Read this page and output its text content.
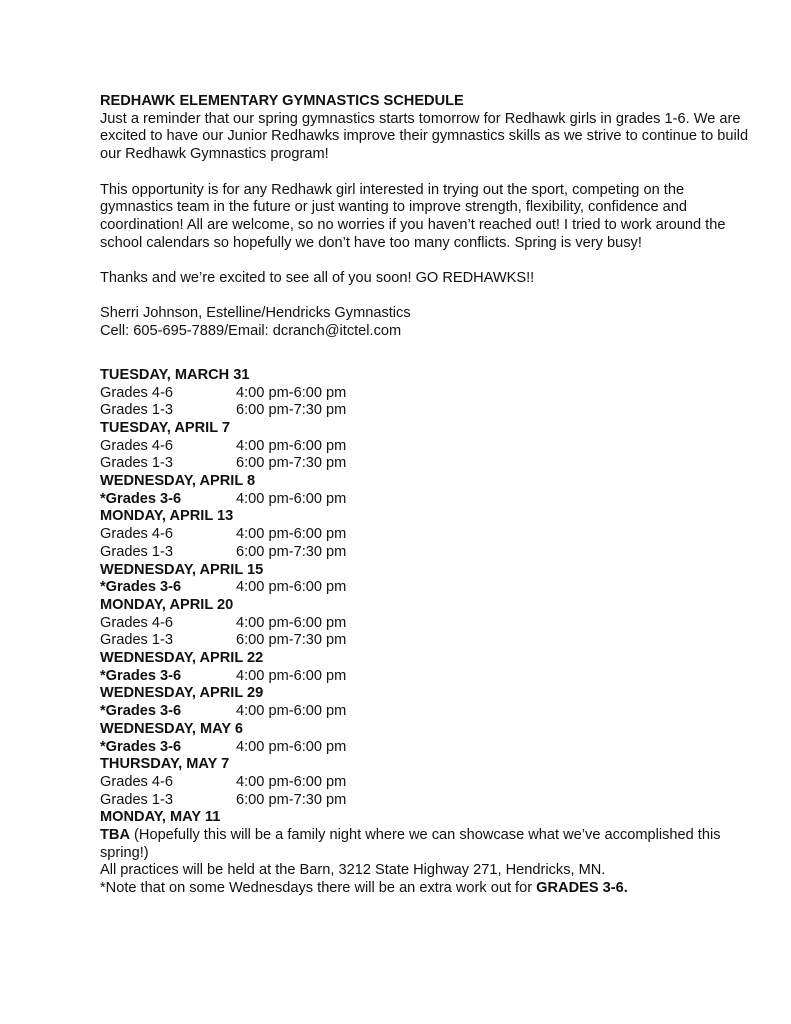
REDHAWK ELEMENTARY GYMNASTICS SCHEDULE

Just a reminder that our spring gymnastics starts tomorrow for Redhawk girls in grades 1-6. We are excited to have our Junior Redhawks improve their gymnastics skills as we strive to continue to build our Redhawk Gymnastics program!

This opportunity is for any Redhawk girl interested in trying out the sport, competing on the gymnastics team in the future or just wanting to improve strength, flexibility, confidence and coordination! All are welcome, so no worries if you haven’t reached out! I tried to work around the school calendars so hopefully we don’t have too many conflicts. Spring is very busy!

Thanks and we’re excited to see all of you soon! GO REDHAWKS!!

Sherri Johnson, Estelline/Hendricks Gymnastics
Cell: 605-695-7889/Email: dcranch@itctel.com
TUESDAY, MARCH 31
Grades 4-6	4:00 pm-6:00 pm
Grades 1-3	6:00 pm-7:30 pm
TUESDAY, APRIL 7
Grades 4-6	4:00 pm-6:00 pm
Grades 1-3	6:00 pm-7:30 pm
WEDNESDAY, APRIL 8
*Grades 3-6	4:00 pm-6:00 pm
MONDAY, APRIL 13
Grades 4-6	4:00 pm-6:00 pm
Grades 1-3	6:00 pm-7:30 pm
WEDNESDAY, APRIL 15
*Grades 3-6	4:00 pm-6:00 pm
MONDAY, APRIL 20
Grades 4-6	4:00 pm-6:00 pm
Grades 1-3	6:00 pm-7:30 pm
WEDNESDAY, APRIL 22
*Grades 3-6	4:00 pm-6:00 pm
WEDNESDAY, APRIL 29
*Grades 3-6	4:00 pm-6:00 pm
WEDNESDAY, MAY 6
*Grades 3-6	4:00 pm-6:00 pm
THURSDAY, MAY 7
Grades 4-6	4:00 pm-6:00 pm
Grades 1-3	6:00 pm-7:30 pm
MONDAY, MAY 11
TBA (Hopefully this will be a family night where we can showcase what we’ve accomplished this spring!)
All practices will be held at the Barn, 3212 State Highway 271, Hendricks, MN.
*Note that on some Wednesdays there will be an extra work out for GRADES 3-6.
